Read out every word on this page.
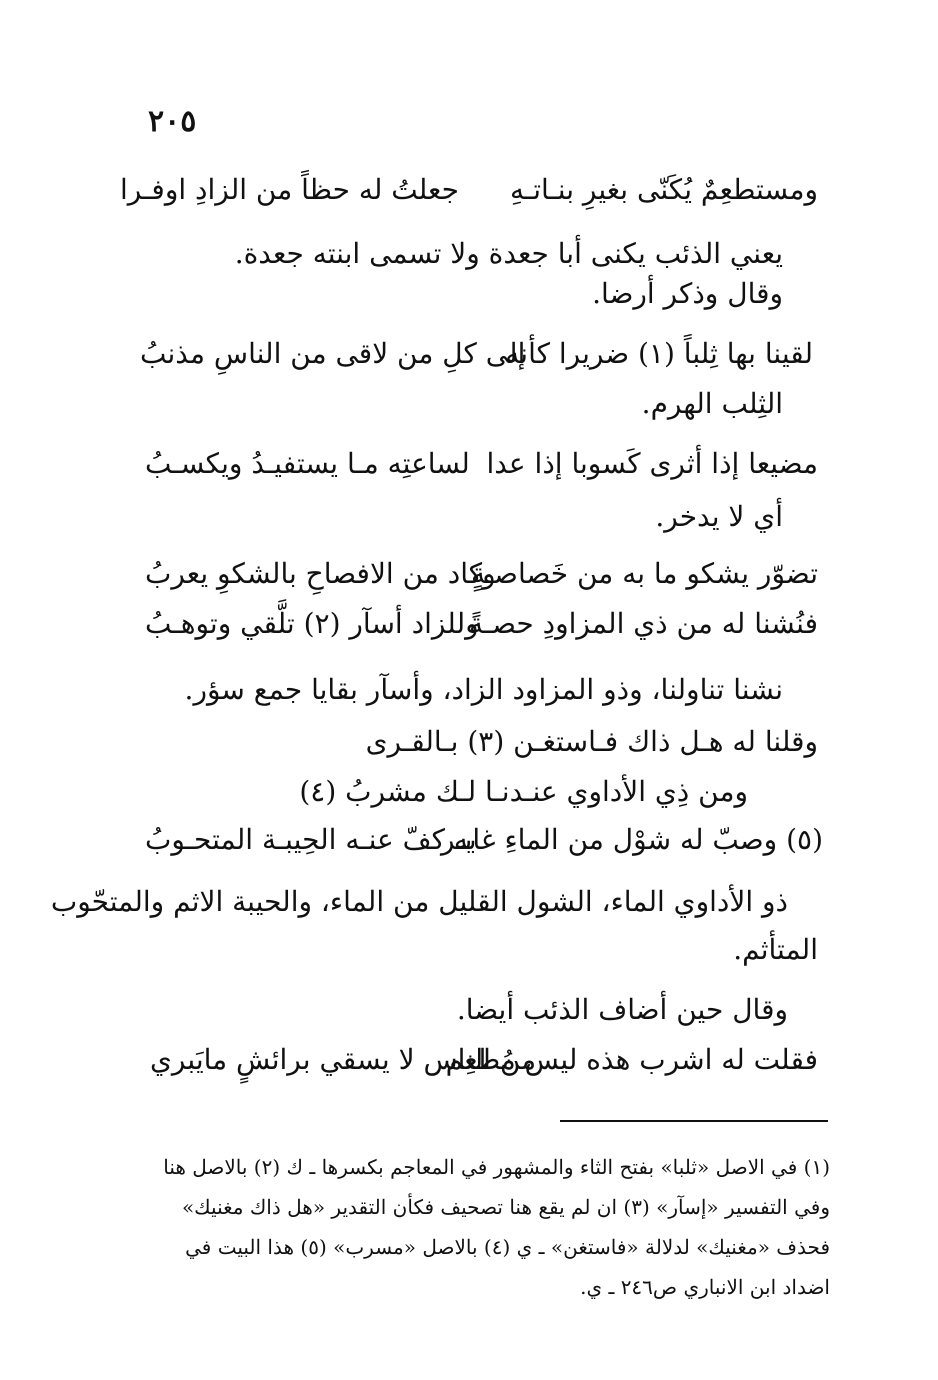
٢٠٥
ومستطعِمٌ يُكَنّى بغيرِ بنـاتـهِ
جعلتُ له حظاً من الزادِ اوفـرا
يعني الذئب يكنى أبا جعدة ولا تسمى ابنته جعدة.
وقال وذكر أرضا.
لقينا بها ثِلباً (١) ضريرا كأنه
إلى كلِ من لاقى من الناسِ مذنبُ
الثِلب الهرم.
مضيعا إذا أثرى كَسوبا إذا عدا
لساعتِه مـا يستفيـدُ ويكسـبُ
أي لا يدخر.
تضوّر يشكو ما به من خَصاصـةٍ
وكاد من الافصاحِ بالشكوِ يعربُ
فنُشنا له من ذي المزاودِ حصـةً
وللزاد أسآر (٢) تلَّقي وتوهـبُ
نشنا تناولنا، وذو المزاود الزاد، وأسآر بقايا جمع سؤر.
وقلنا له هـل ذاك فـاستغـن (٣) بـالقـرى
ومن ذِي الأداوي عنـدنـا لـك مشربُ (٤)
(٥) وصبّ له شوْل من الماءِ غابـر
به كفّ عنـه الحِيبـة المتحـوبُ
ذو الأداوي الماء، الشول القليل من الماء، والحيبة الاثم والمتحّوب
المتأثم.
وقال حين أضاف الذئب أيضا.
فقلت له اشرب هذه ليس مُطعِم
من الناس لا يسقي برائشٍ مايَبري
(١) في الاصل «ثلبا» بفتح الثاء والمشهور في المعاجم بكسرها ـ ك (٢) بالاصل هنا
وفي التفسير «إسآر» (٣) ان لم يقع هنا تصحيف فكأن التقدير «هل ذاك مغنيك»
فحذف «مغنيك» لدلالة «فاستغن» ـ ي (٤) بالاصل «مسرب» (٥) هذا البيت في
اضداد ابن الانباري ص٢٤٦ ـ ي.
